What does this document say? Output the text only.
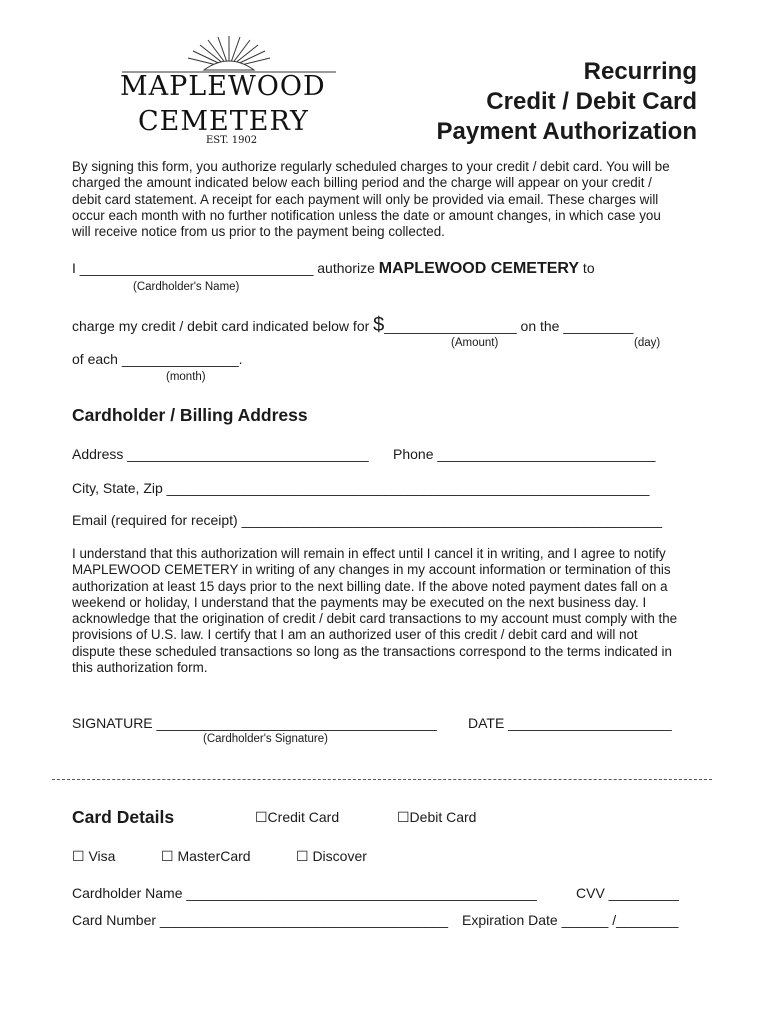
MAPLEWOOD
CEMETERY
EST. 1902
Recurring
Credit / Debit Card
Payment Authorization
By signing this form, you authorize regularly scheduled charges to your credit / debit card. You will be
charged the amount indicated below each billing period and the charge will appear on your credit /
debit card statement. A receipt for each payment will only be provided via email. These charges will
occur each month with no further notification unless the date or amount changes, in which case you
will receive notice from us prior to the payment being collected.
I ______________________________ authorize MAPLEWOOD CEMETERY to
(Cardholder's Name)
charge my credit / debit card indicated below for $_________________ on the _________
(Amount)	(day)
of each _______________.
(month)
Cardholder / Billing Address
Address _______________________________ Phone ____________________________
City, State, Zip ______________________________________________________________
Email (required for receipt) ______________________________________________________
I understand that this authorization will remain in effect until I cancel it in writing, and I agree to notify
MAPLEWOOD CEMETERY in writing of any changes in my account information or termination of this
authorization at least 15 days prior to the next billing date. If the above noted payment dates fall on a
weekend or holiday, I understand that the payments may be executed on the next business day. I
acknowledge that the origination of credit / debit card transactions to my account must comply with the
provisions of U.S. law. I certify that I am an authorized user of this credit / debit card and will not
dispute these scheduled transactions so long as the transactions correspond to the terms indicated in
this authorization form.
SIGNATURE ____________________________________ DATE _____________________
(Cardholder's Signature)
Card Details	☐Credit Card	☐Debit Card
☐ Visa	☐ MasterCard	☐ Discover
Cardholder Name _____________________________________________	CVV _________
Card Number _____________________________________ Expiration Date ______ /________
